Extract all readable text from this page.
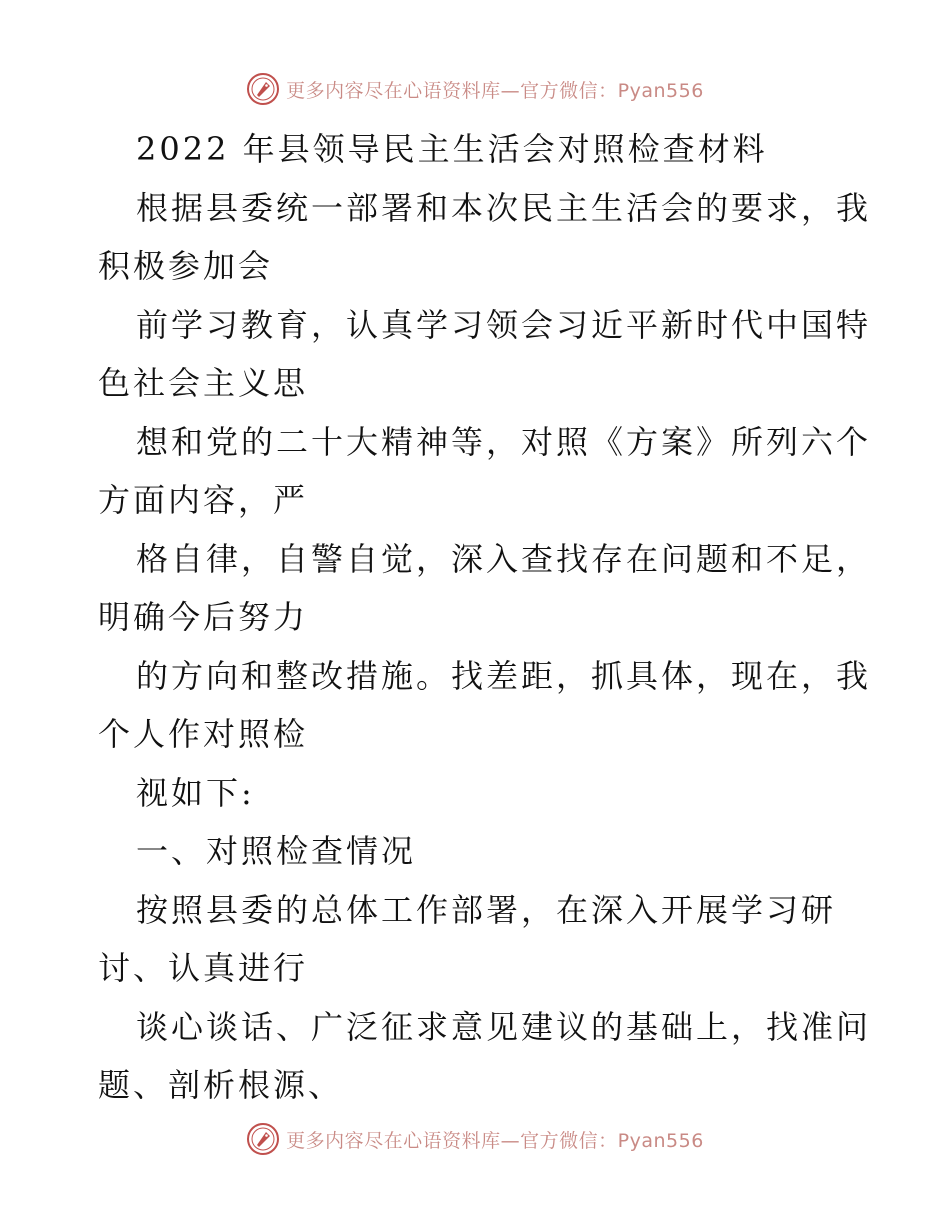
更多内容尽在心语资料库—官方微信：Pyan556
2022 年县领导民主生活会对照检查材料
根据县委统一部署和本次民主生活会的要求，我
积极参加会
前学习教育，认真学习领会习近平新时代中国特
色社会主义思
想和党的二十大精神等，对照《方案》所列六个
方面内容，严
格自律，自警自觉，深入查找存在问题和不足，
明确今后努力
的方向和整改措施。找差距，抓具体，现在，我
个人作对照检
视如下:
一、对照检查情况
按照县委的总体工作部署，在深入开展学习研
讨、认真进行
谈心谈话、广泛征求意见建议的基础上，找准问
题、剖析根源、
更多内容尽在心语资料库—官方微信：Pyan556
